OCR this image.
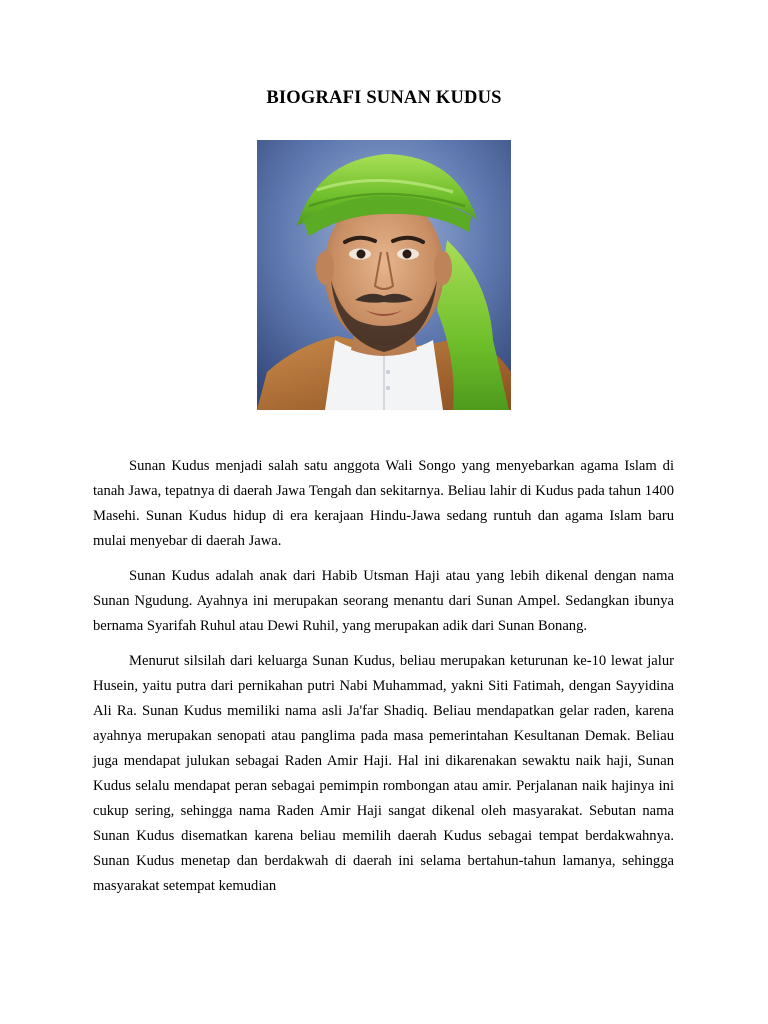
BIOGRAFI SUNAN KUDUS

Sunan Kudus menjadi salah satu anggota Wali Songo yang menyebarkan agama Islam di tanah Jawa, tepatnya di daerah Jawa Tengah dan sekitarnya. Beliau lahir di Kudus pada tahun 1400 Masehi. Sunan Kudus hidup di era kerajaan Hindu-Jawa sedang runtuh dan agama Islam baru mulai menyebar di daerah Jawa.

Sunan Kudus adalah anak dari Habib Utsman Haji atau yang lebih dikenal dengan nama Sunan Ngudung. Ayahnya ini merupakan seorang menantu dari Sunan Ampel. Sedangkan ibunya bernama Syarifah Ruhul atau Dewi Ruhil, yang merupakan adik dari Sunan Bonang.

Menurut silsilah dari keluarga Sunan Kudus, beliau merupakan keturunan ke-10 lewat jalur Husein, yaitu putra dari pernikahan putri Nabi Muhammad, yakni Siti Fatimah, dengan Sayyidina Ali Ra. Sunan Kudus memiliki nama asli Ja'far Shadiq. Beliau mendapatkan gelar raden, karena ayahnya merupakan senopati atau panglima pada masa pemerintahan Kesultanan Demak. Beliau juga mendapat julukan sebagai Raden Amir Haji. Hal ini dikarenakan sewaktu naik haji, Sunan Kudus selalu mendapat peran sebagai pemimpin rombongan atau amir. Perjalanan naik hajinya ini cukup sering, sehingga nama Raden Amir Haji sangat dikenal oleh masyarakat. Sebutan nama Sunan Kudus disematkan karena beliau memilih daerah Kudus sebagai tempat berdakwahnya. Sunan Kudus menetap dan berdakwah di daerah ini selama bertahun-tahun lamanya, sehingga masyarakat setempat kemudian
